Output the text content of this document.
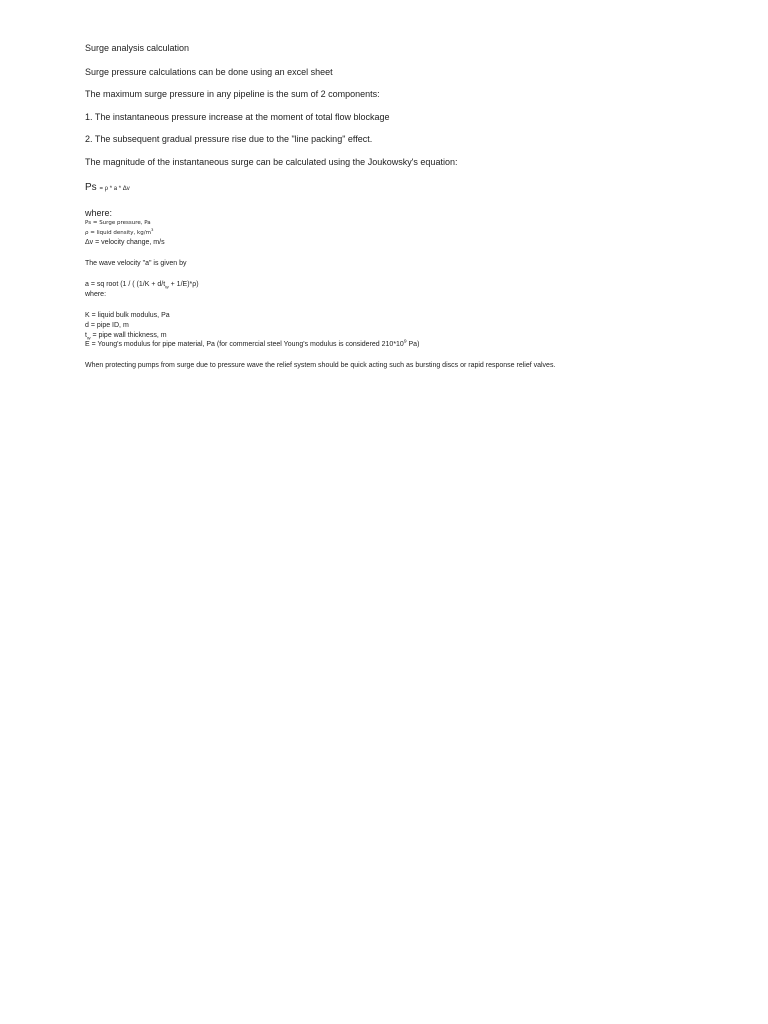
Surge analysis calculation

Surge pressure calculations can be done using an excel sheet

The maximum surge pressure in any pipeline is the sum of 2 components:

1. The instantaneous pressure increase at the moment of total flow blockage

2. The subsequent gradual pressure rise due to the "line packing" effect.

The magnitude of the instantaneous surge can be calculated using the Joukowsky's equation:

Ps = ρ * a * Δv

where:

Ps = Surge pressure, Pa

ρ = liquid density, $kg/m^3$

Δv = velocity change, m/s

The wave velocity "a" is given by

a = sq root (1 / ( $(1/K + d/t_w + 1/E)*\rho$)

where:

K = liquid bulk modulus, Pa

d = pipe ID, m

$t_w$ = pipe wall thickness, m

E = Young's modulus for pipe material, Pa (for commercial steel Young's modulus is considered $210*10^9$ Pa)

When protecting pumps from surge due to pressure wave the relief system should be quick acting such as bursting discs or rapid response relief valves.
